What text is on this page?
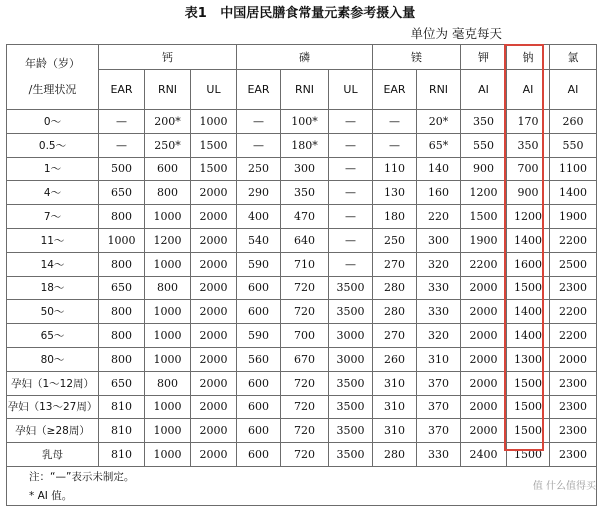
表1   中国居民膳食常量元素参考摄入量
单位为 毫克每天
年龄（岁）
/生理状况	钙			磷			镁		钾	钠	氯
	EAR	RNI	UL	EAR	RNI	UL	EAR	RNI	AI	AI	AI
0～	—	200*	1000	—	100*	—	—	20*	350	170	260
0.5～	—	250*	1500	—	180*	—	—	65*	550	350	550
1～	500	600	1500	250	300	—	110	140	900	700	1100
4～	650	800	2000	290	350	—	130	160	1200	900	1400
7～	800	1000	2000	400	470	—	180	220	1500	1200	1900
11～	1000	1200	2000	540	640	—	250	300	1900	1400	2200
14～	800	1000	2000	590	710	—	270	320	2200	1600	2500
18～	650	800	2000	600	720	3500	280	330	2000	1500	2300
50～	800	1000	2000	600	720	3500	280	330	2000	1400	2200
65～	800	1000	2000	590	700	3000	270	320	2000	1400	2200
80～	800	1000	2000	560	670	3000	260	310	2000	1300	2000
孕妇（1～12周）	650	800	2000	600	720	3500	310	370	2000	1500	2300
孕妇（13～27周）	810	1000	2000	600	720	3500	310	370	2000	1500	2300
孕妇（≥28周）	810	1000	2000	600	720	3500	310	370	2000	1500	2300
乳母	810	1000	2000	600	720	3500	280	330	2400	1500	2300
注：“—”表示未制定。											
* AI 值。											
值 什么值得买
